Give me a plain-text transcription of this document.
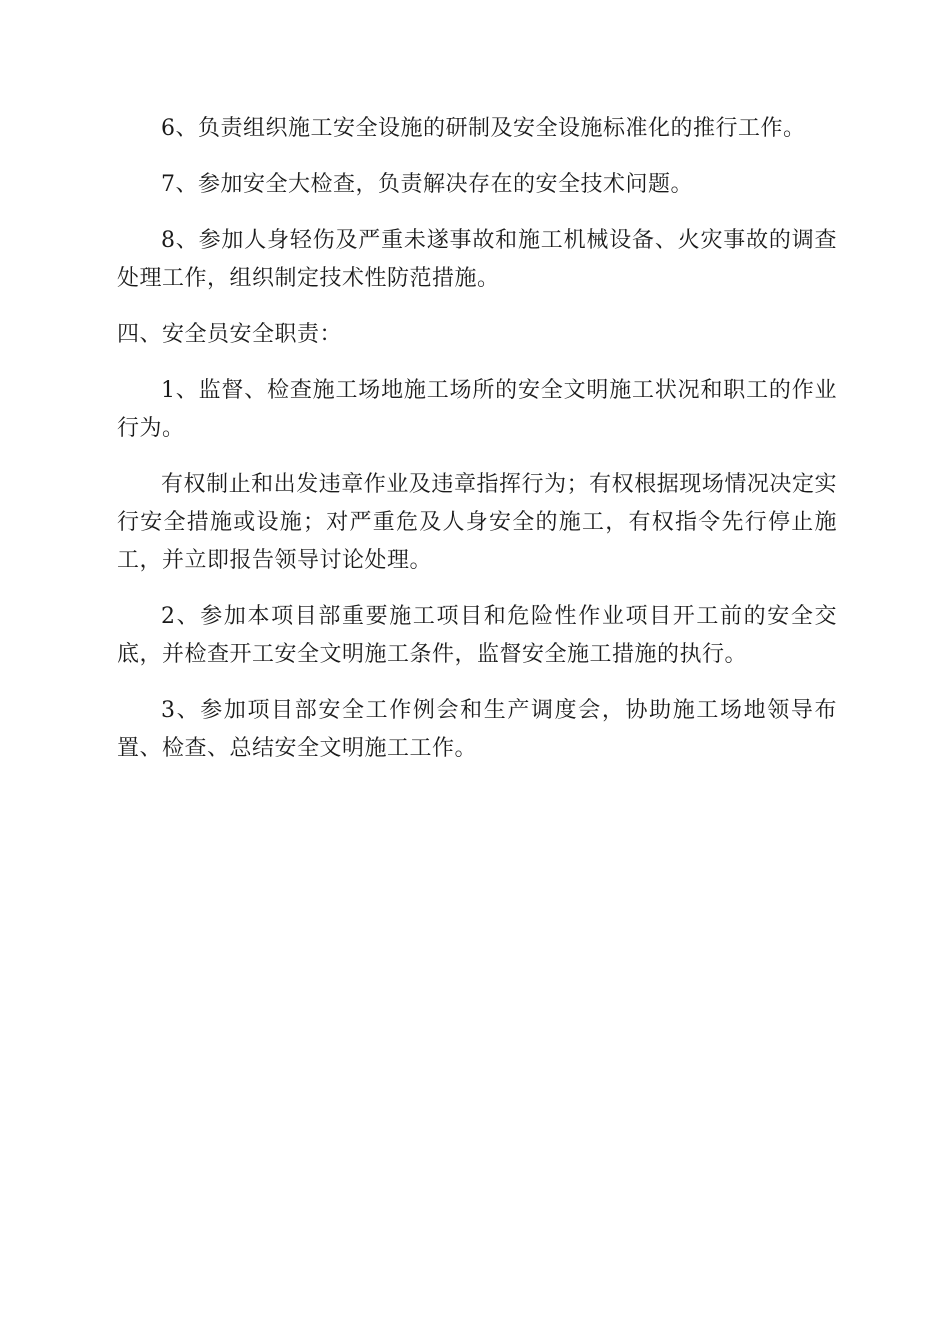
6、负责组织施工安全设施的研制及安全设施标准化的推行工作。

7、参加安全大检查，负责解决存在的安全技术问题。

8、参加人身轻伤及严重未遂事故和施工机械设备、火灾事故的调查处理工作，组织制定技术性防范措施。

四、安全员安全职责：

1、监督、检查施工场地施工场所的安全文明施工状况和职工的作业行为。

有权制止和出发违章作业及违章指挥行为；有权根据现场情况决定实行安全措施或设施；对严重危及人身安全的施工，有权指令先行停止施工，并立即报告领导讨论处理。

2、参加本项目部重要施工项目和危险性作业项目开工前的安全交底，并检查开工安全文明施工条件，监督安全施工措施的执行。

3、参加项目部安全工作例会和生产调度会，协助施工场地领导布置、检查、总结安全文明施工工作。
